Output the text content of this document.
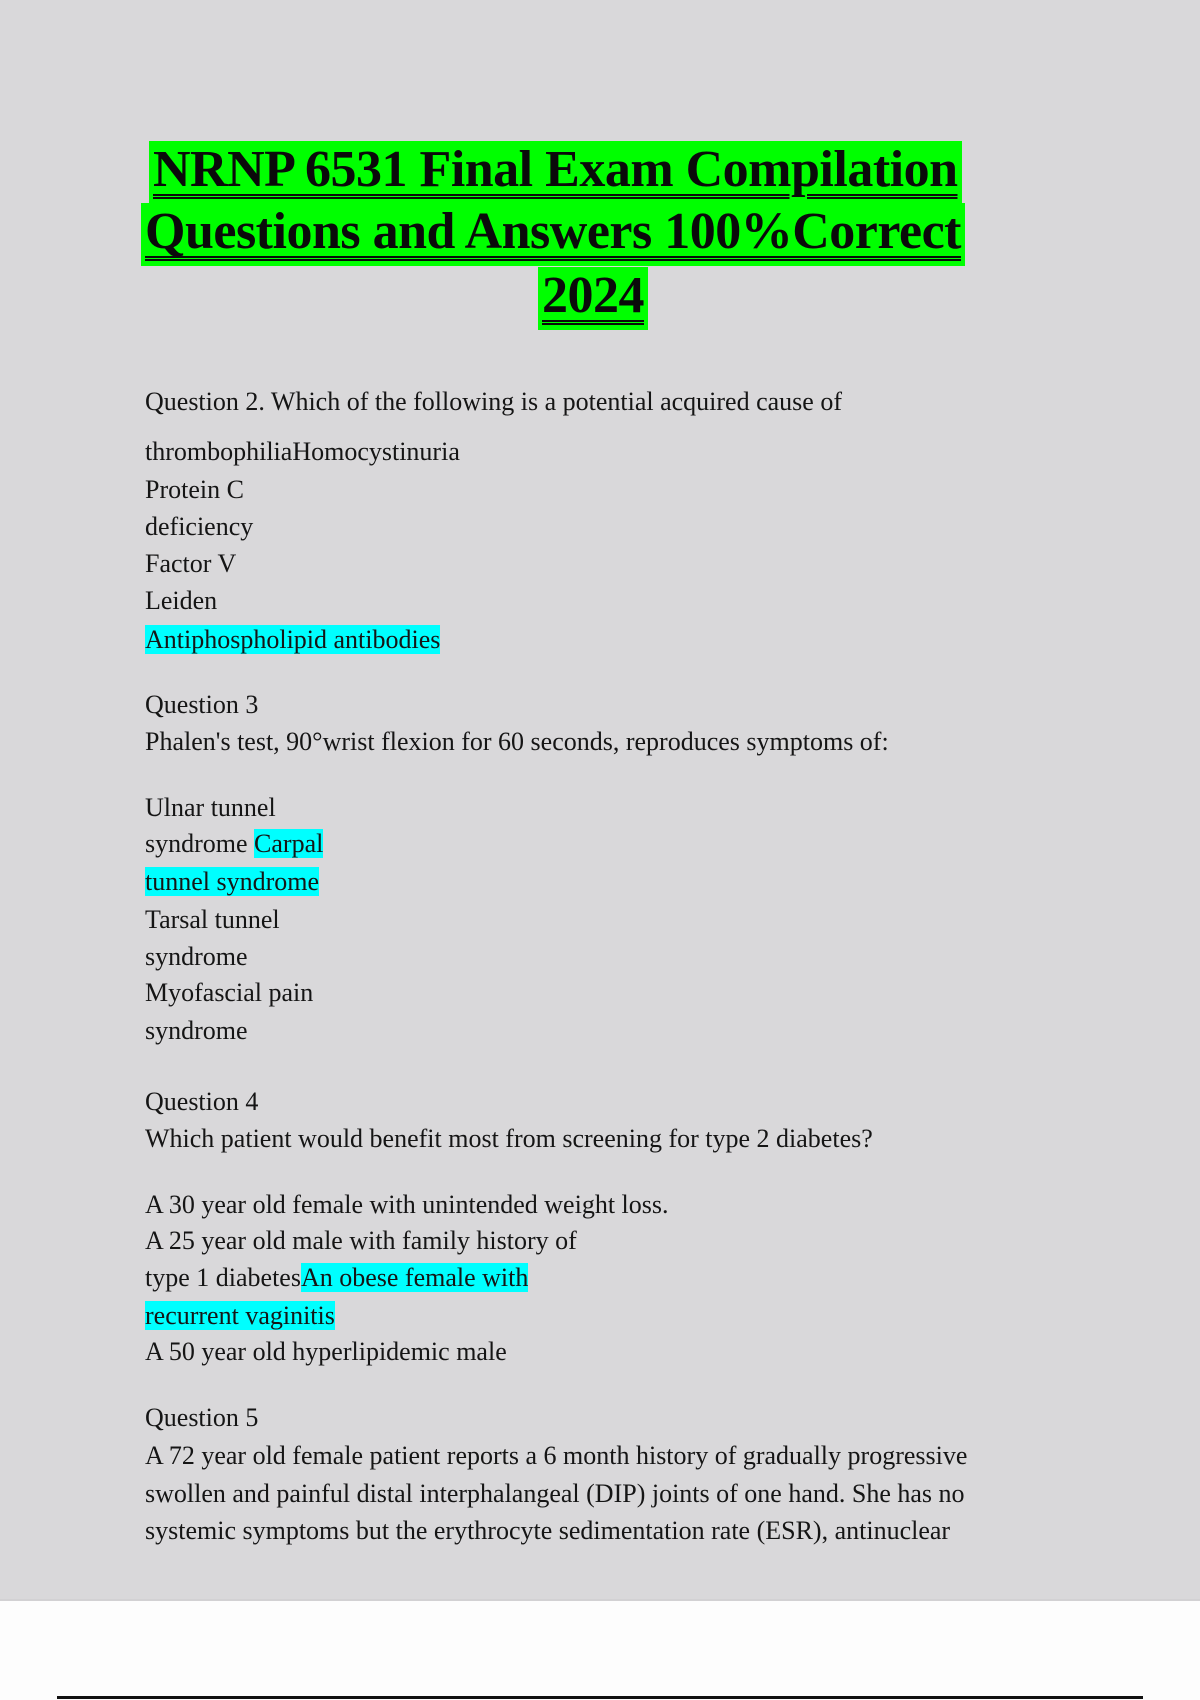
NRNP 6531 Final Exam Compilation
Questions and Answers 100%Correct
2024
Question 2. Which of the following is a potential acquired cause of
thrombophiliaHomocystinuria
Protein C
deficiency
Factor V
Leiden
Antiphospholipid antibodies
Question 3
Phalen's test, 90°wrist flexion for 60 seconds, reproduces symptoms of:
Ulnar tunnel
syndrome Carpal
tunnel syndrome
Tarsal tunnel
syndrome
Myofascial pain
syndrome
Question 4
Which patient would benefit most from screening for type 2 diabetes?
A 30 year old female with unintended weight loss.
A 25 year old male with family history of
type 1 diabetesAn obese female with
recurrent vaginitis
A 50 year old hyperlipidemic male
Question 5
A 72 year old female patient reports a 6 month history of gradually progressive
swollen and painful distal interphalangeal (DIP) joints of one hand. She has no
systemic symptoms but the erythrocyte sedimentation rate (ESR), antinuclear
